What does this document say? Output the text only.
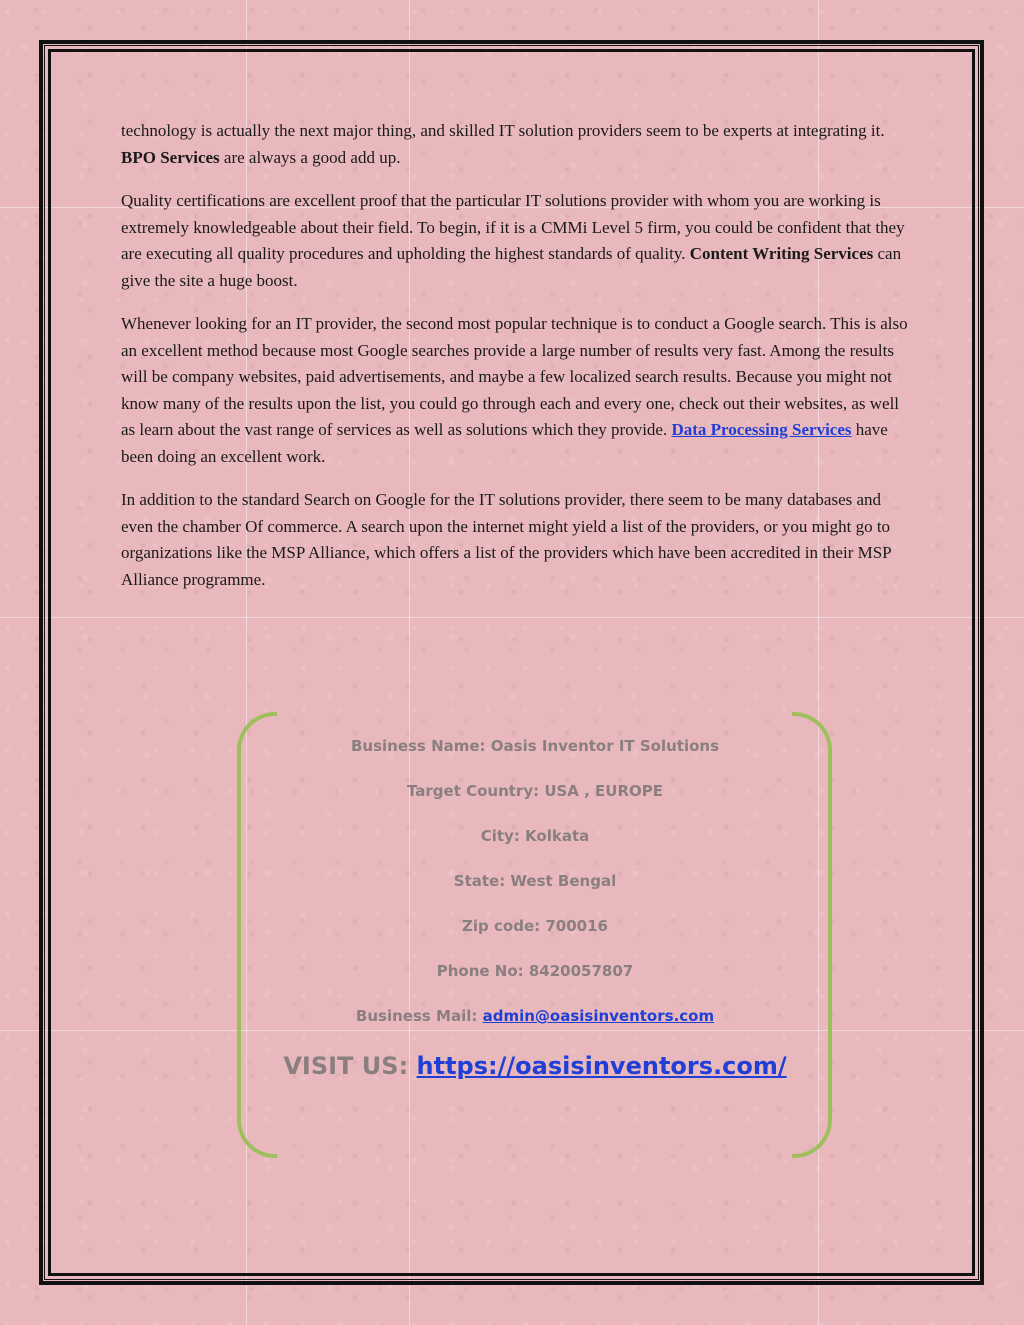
technology is actually the next major thing, and skilled IT solution providers seem to be experts at integrating it. BPO Services are always a good add up.

Quality certifications are excellent proof that the particular IT solutions provider with whom you are working is extremely knowledgeable about their field. To begin, if it is a CMMi Level 5 firm, you could be confident that they are executing all quality procedures and upholding the highest standards of quality. Content Writing Services can give the site a huge boost.

Whenever looking for an IT provider, the second most popular technique is to conduct a Google search. This is also an excellent method because most Google searches provide a large number of results very fast. Among the results will be company websites, paid advertisements, and maybe a few localized search results. Because you might not know many of the results upon the list, you could go through each and every one, check out their websites, as well as learn about the vast range of services as well as solutions which they provide. Data Processing Services have been doing an excellent work.

In addition to the standard Search on Google for the IT solutions provider, there seem to be many databases and even the chamber Of commerce. A search upon the internet might yield a list of the providers, or you might go to organizations like the MSP Alliance, which offers a list of the providers which have been accredited in their MSP Alliance programme.

Business Name: Oasis Inventor IT Solutions
Target Country: USA , EUROPE
City: Kolkata
State: West Bengal
Zip code: 700016
Phone No: 8420057807
Business Mail: admin@oasisinventors.com
VISIT US: https://oasisinventors.com/
